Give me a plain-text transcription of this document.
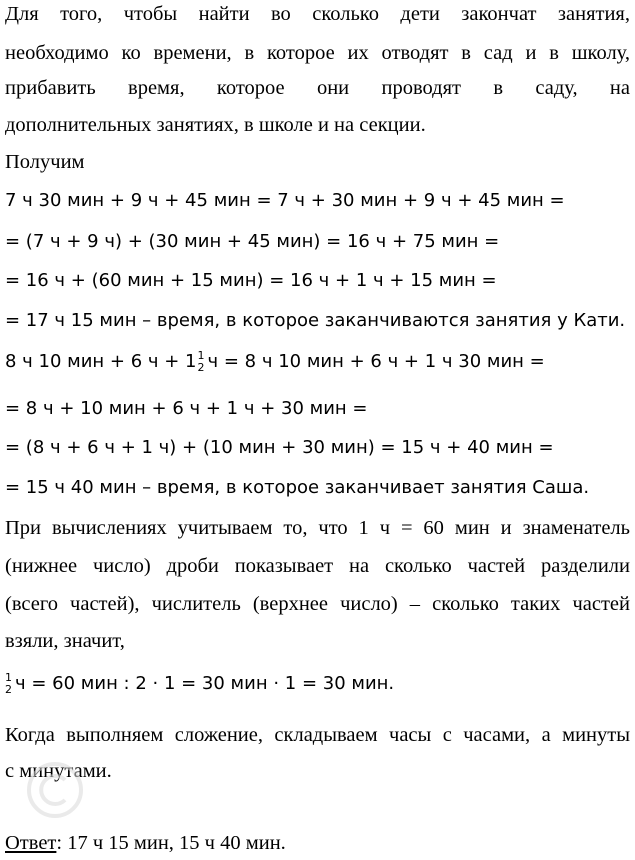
Для того, чтобы найти во сколько дети закончат занятия,
необходимо ко времени, в которое их отводят в сад и в школу,
прибавить время, которое они проводят в саду, на
дополнительных занятиях, в школе и на секции.
Получим
7 ч 30 мин + 9 ч + 45 мин = 7 ч + 30 мин + 9 ч + 45 мин =
= (7 ч + 9 ч) + (30 мин + 45 мин) = 16 ч + 75 мин =
= 16 ч + (60 мин + 15 мин) = 16 ч + 1 ч + 15 мин =
= 17 ч 15 мин – время, в которое заканчиваются занятия у Кати.
8 ч 10 мин + 6 ч + 1 1
2 ч = 8 ч 10 мин + 6 ч + 1 ч 30 мин =
= 8 ч + 10 мин + 6 ч + 1 ч + 30 мин =
= (8 ч + 6 ч + 1 ч) + (10 мин + 30 мин) = 15 ч + 40 мин =
= 15 ч 40 мин – время, в которое заканчивает занятия Саша.
При вычислениях учитываем то, что 1 ч = 60 мин и знаменатель
(нижнее число) дроби показывает на сколько частей разделили
(всего частей), числитель (верхнее число) – сколько таких частей
взяли, значит,
1
2 ч = 60 мин : 2 · 1 = 30 мин · 1 = 30 мин.
Когда выполняем сложение, складываем часы с часами, а минуты
с минутами.
Ответ: 17 ч 15 мин, 15 ч 40 мин.
